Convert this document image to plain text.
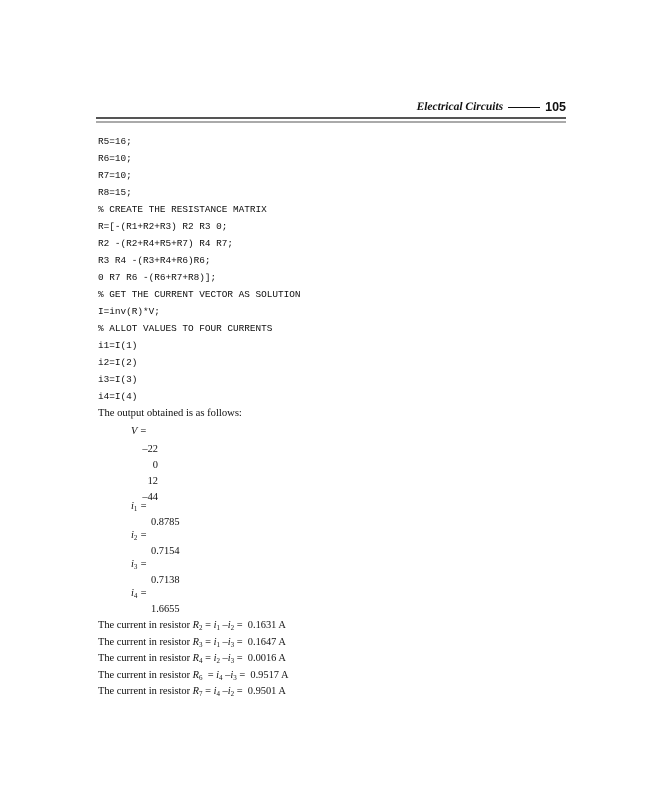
Electrical Circuits	105
R5=16;
R6=10;
R7=10;
R8=15;
% CREATE THE RESISTANCE MATRIX
R=[-(R1+R2+R3) R2 R3 0;
R2 -(R2+R4+R5+R7) R4 R7;
R3 R4 -(R3+R4+R6)R6;
0 R7 R6 -(R6+R7+R8)];
% GET THE CURRENT VECTOR AS SOLUTION
I=inv(R)*V;
% ALLOT VALUES TO FOUR CURRENTS
i1=I(1)
i2=I(2)
i3=I(3)
i4=I(4)
The output obtained is as follows:
V =
–22
0
12
–44
$i_1$ =
0.8785
$i_2$ =
0.7154
$i_3$ =
0.7138
$i_4$ =
1.6655
The current in resistor $R_2 = i_1$ $-i_2 = 0.1631$ A
The current in resistor $R_3 = i_1$ $-i_3 = 0.1647$ A
The current in resistor $R_4 = i_2$ $-i_3 = 0.0016$ A
The current in resistor $R_6 = i_4$ $-i_3 = 0.9517$ A
The current in resistor $R_7 = i_4$ $-i_2 = 0.9501$ A
